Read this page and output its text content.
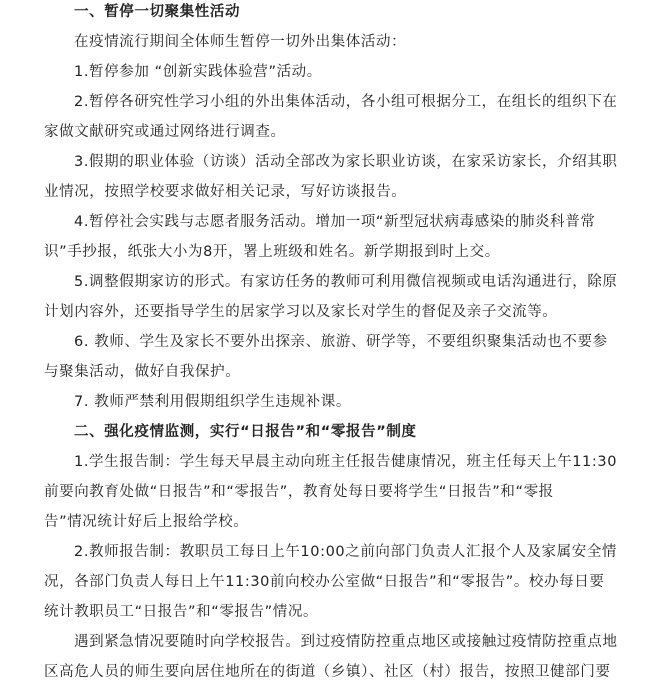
一、暂停一切聚集性活动

在疫情流行期间全体师生暂停一切外出集体活动：

1.暂停参加 “创新实践体验营”活动。

2.暂停各研究性学习小组的外出集体活动，各小组可根据分工，在组长的组织下在

家做文献研究或通过网络进行调查。

3.假期的职业体验（访谈）活动全部改为家长职业访谈，在家采访家长，介绍其职

业情况，按照学校要求做好相关记录，写好访谈报告。

4.暂停社会实践与志愿者服务活动。增加一项“新型冠状病毒感染的肺炎科普常

识”手抄报，纸张大小为8开，署上班级和姓名。新学期报到时上交。

5.调整假期家访的形式。有家访任务的教师可利用微信视频或电话沟通进行，除原

计划内容外，还要指导学生的居家学习以及家长对学生的督促及亲子交流等。

6. 教师、学生及家长不要外出探亲、旅游、研学等，不要组织聚集活动也不要参

与聚集活动，做好自我保护。

7. 教师严禁利用假期组织学生违规补课。

二、强化疫情监测，实行“日报告”和“零报告”制度

1.学生报告制：学生每天早晨主动向班主任报告健康情况，班主任每天上午11:30

前要向教育处做“日报告”和“零报告”，教育处每日要将学生“日报告”和“零报

告”情况统计好后上报给学校。

2.教师报告制：教职员工每日上午10:00之前向部门负责人汇报个人及家属安全情

况，各部门负责人每日上午11:30前向校办公室做“日报告”和“零报告”。校办每日要

统计教职员工“日报告”和“零报告”情况。

遇到紧急情况要随时向学校报告。到过疫情防控重点地区或接触过疫情防控重点地

区高危人员的师生要向居住地所在的街道（乡镇）、社区（村）报告，按照卫健部门要
